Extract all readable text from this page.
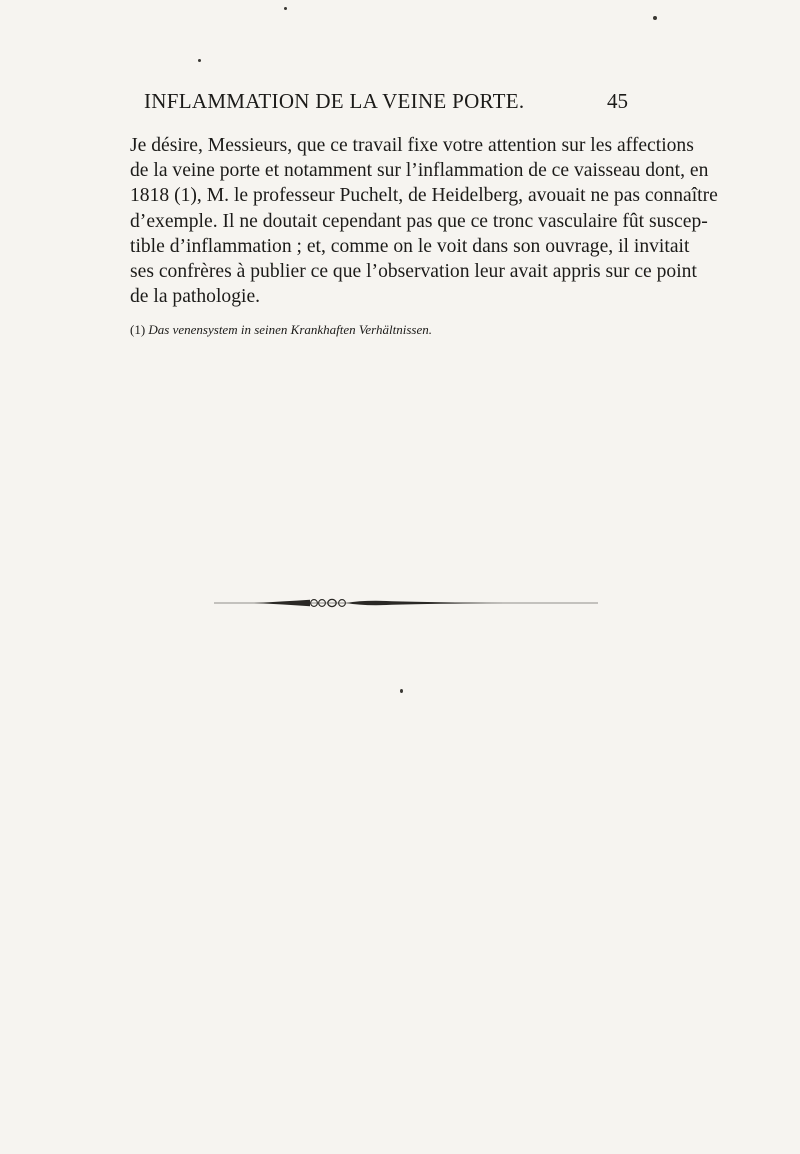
INFLAMMATION DE LA VEINE PORTE.	45
Je désire, Messieurs, que ce travail fixe votre attention sur les affections
de la veine porte et notamment sur l’inflammation de ce vaisseau dont, en
1818 (1), M. le professeur Puchelt, de Heidelberg, avouait ne pas connaître
d’exemple. Il ne doutait cependant pas que ce tronc vasculaire fût suscep-
tible d’inflammation ; et, comme on le voit dans son ouvrage, il invitait
ses confrères à publier ce que l’observation leur avait appris sur ce point
de la pathologie.
(1) Das venensystem in seinen Krankhaften Verhältnissen.
